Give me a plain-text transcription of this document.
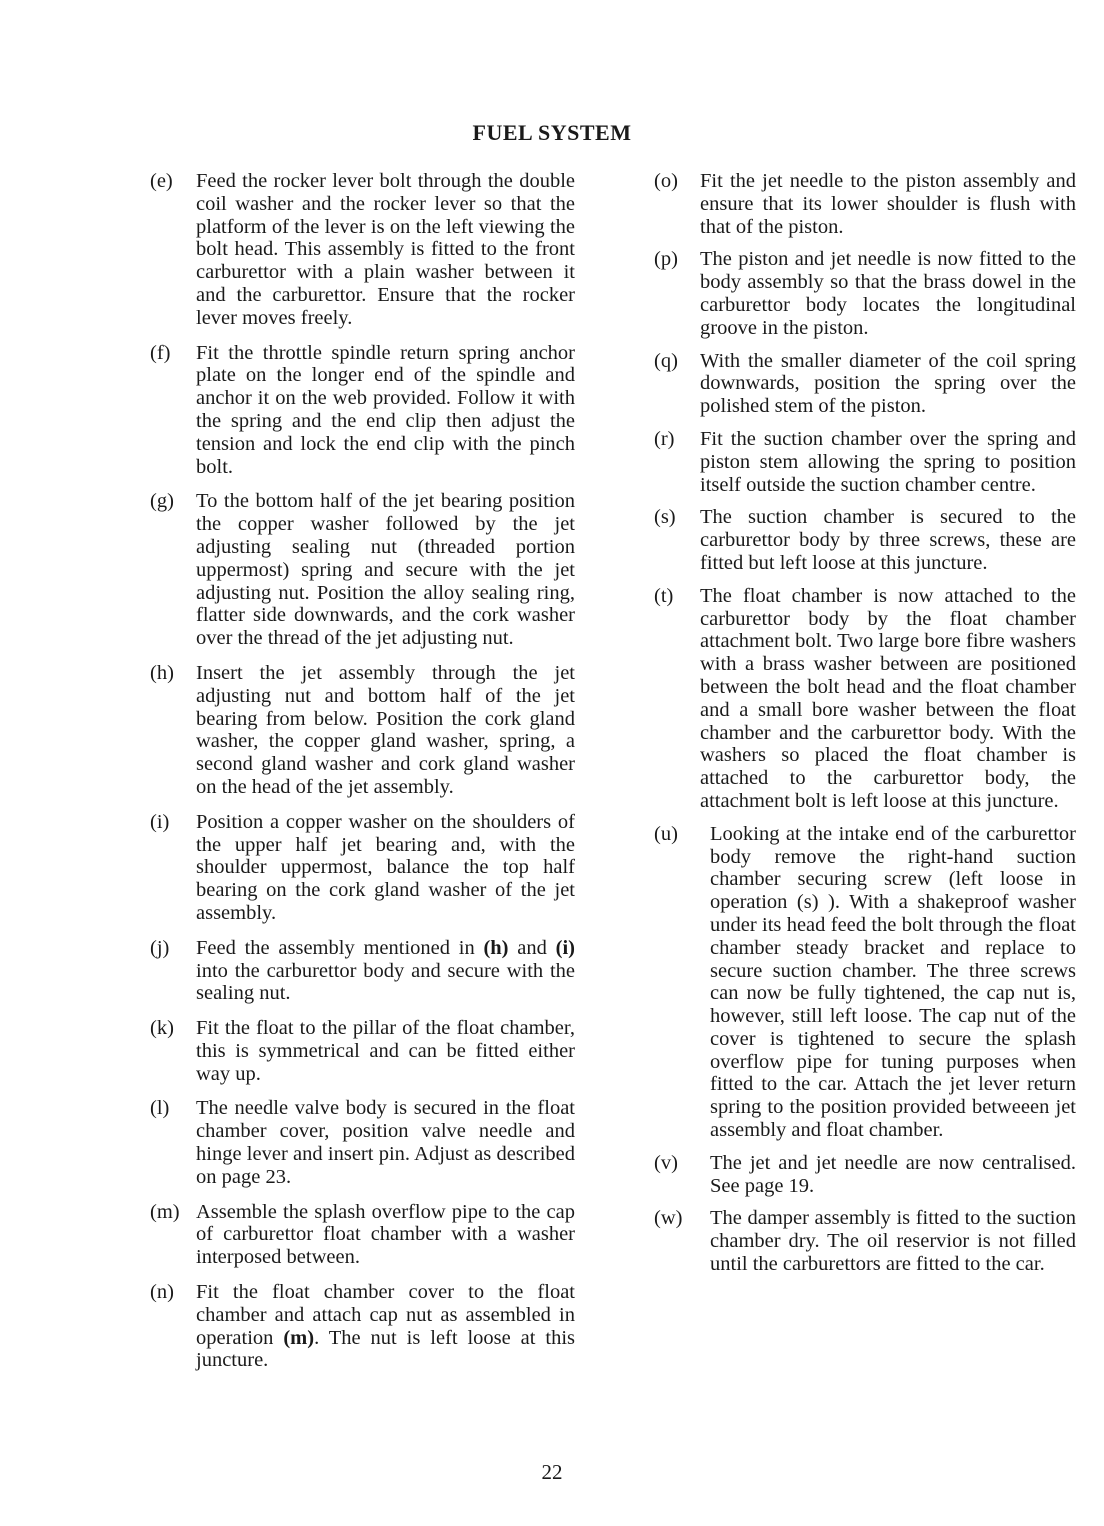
FUEL SYSTEM
(e)	Feed the rocker lever bolt through the double coil washer and the rocker lever so that the platform of the lever is on the left viewing the bolt head. This assembly is fitted to the front carburettor with a plain washer between it and the carburettor. Ensure that the rocker lever moves freely.
(f)	Fit the throttle spindle return spring anchor plate on the longer end of the spindle and anchor it on the web provided. Follow it with the spring and the end clip then adjust the tension and lock the end clip with the pinch bolt.
(g)	To the bottom half of the jet bearing position the copper washer followed by the jet adjusting sealing nut (threaded portion uppermost) spring and secure with the jet adjusting nut. Position the alloy sealing ring, flatter side downwards, and the cork washer over the thread of the jet adjusting nut.
(h)	Insert the jet assembly through the jet adjusting nut and bottom half of the jet bearing from below. Position the cork gland washer, the copper gland washer, spring, a second gland washer and cork gland washer on the head of the jet assembly.
(i)	Position a copper washer on the shoulders of the upper half jet bearing and, with the shoulder uppermost, balance the top half bearing on the cork gland washer of the jet assembly.
(j)	Feed the assembly mentioned in (h) and (i) into the carburettor body and secure with the sealing nut.
(k)	Fit the float to the pillar of the float chamber, this is symmetrical and can be fitted either way up.
(l)	The needle valve body is secured in the float chamber cover, position valve needle and hinge lever and insert pin. Adjust as described on page 23.
(m) Assemble the splash overflow pipe to the cap of carburettor float chamber with a washer interposed between.
(n)	Fit the float chamber cover to the float chamber and attach cap nut as assembled in operation (m). The nut is left loose at this juncture.
(o)	Fit the jet needle to the piston assembly and ensure that its lower shoulder is flush with that of the piston.
(p)	The piston and jet needle is now fitted to the body assembly so that the brass dowel in the carburettor body locates the longitudinal groove in the piston.
(q)	With the smaller diameter of the coil spring downwards, position the spring over the polished stem of the piston.
(r)	Fit the suction chamber over the spring and piston stem allowing the spring to position itself outside the suction chamber centre.
(s)	The suction chamber is secured to the carburettor body by three screws, these are fitted but left loose at this juncture.
(t)	The float chamber is now attached to the carburettor body by the float chamber attachment bolt. Two large bore fibre washers with a brass washer between are positioned between the bolt head and the float chamber and a small bore washer between the float chamber and the carburettor body. With the washers so placed the float chamber is attached to the carburettor body, the attachment bolt is left loose at this juncture.
(u)	Looking at the intake end of the carburettor body remove the right-hand suction chamber securing screw (left loose in operation (s) ). With a shakeproof washer under its head feed the bolt through the float chamber steady bracket and replace to secure suction chamber. The three screws can now be fully tightened, the cap nut is, however, still left loose. The cap nut of the cover is tightened to secure the splash overflow pipe for tuning purposes when fitted to the car. Attach the jet lever return spring to the position provided betweeen jet assembly and float chamber.
(v)	The jet and jet needle are now centralised. See page 19.
(w)	The damper assembly is fitted to the suction chamber dry. The oil reservior is not filled until the carburettors are fitted to the car.
22
